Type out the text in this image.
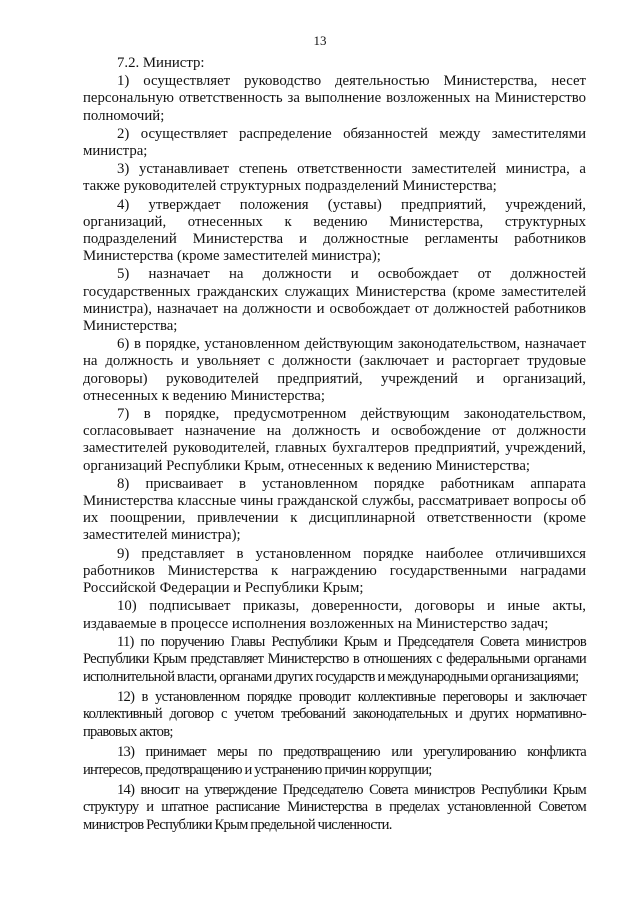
13

7.2. Министр:

1) осуществляет руководство деятельностью Министерства, несет персональную ответственность за выполнение возложенных на Министерство полномочий;

2) осуществляет распределение обязанностей между заместителями министра;

3) устанавливает степень ответственности заместителей министра, а также руководителей структурных подразделений Министерства;

4) утверждает положения (уставы) предприятий, учреждений, организаций, отнесенных к ведению Министерства, структурных подразделений Министерства и должностные регламенты работников Министерства (кроме заместителей министра);

5) назначает на должности и освобождает от должностей государственных гражданских служащих Министерства (кроме заместителей министра), назначает на должности и освобождает от должностей работников Министерства;

6) в порядке, установленном действующим законодательством, назначает на должность и увольняет с должности (заключает и расторгает трудовые договоры) руководителей предприятий, учреждений и организаций, отнесенных к ведению Министерства;

7) в порядке, предусмотренном действующим законодательством, согласовывает назначение на должность и освобождение от должности заместителей руководителей, главных бухгалтеров предприятий, учреждений, организаций Республики Крым, отнесенных к ведению Министерства;

8) присваивает в установленном порядке работникам аппарата Министерства классные чины гражданской службы, рассматривает вопросы об их поощрении, привлечении к дисциплинарной ответственности (кроме заместителей министра);

9) представляет в установленном порядке наиболее отличившихся работников Министерства к награждению государственными наградами Российской Федерации и Республики Крым;

10) подписывает приказы, доверенности, договоры и иные акты, издаваемые в процессе исполнения возложенных на Министерство задач;

11) по поручению Главы Республики Крым и Председателя Совета министров Республики Крым представляет Министерство в отношениях с федеральными органами исполнительной власти, органами других государств и международными организациями;

12) в установленном порядке проводит коллективные переговоры и заключает коллективный договор с учетом требований законодательных и других нормативно-правовых актов;

13) принимает меры по предотвращению или урегулированию конфликта интересов, предотвращению и устранению причин коррупции;

14) вносит на утверждение Председателю Совета министров Республики Крым структуру и штатное расписание Министерства в пределах установленной Советом министров Республики Крым предельной численности.
